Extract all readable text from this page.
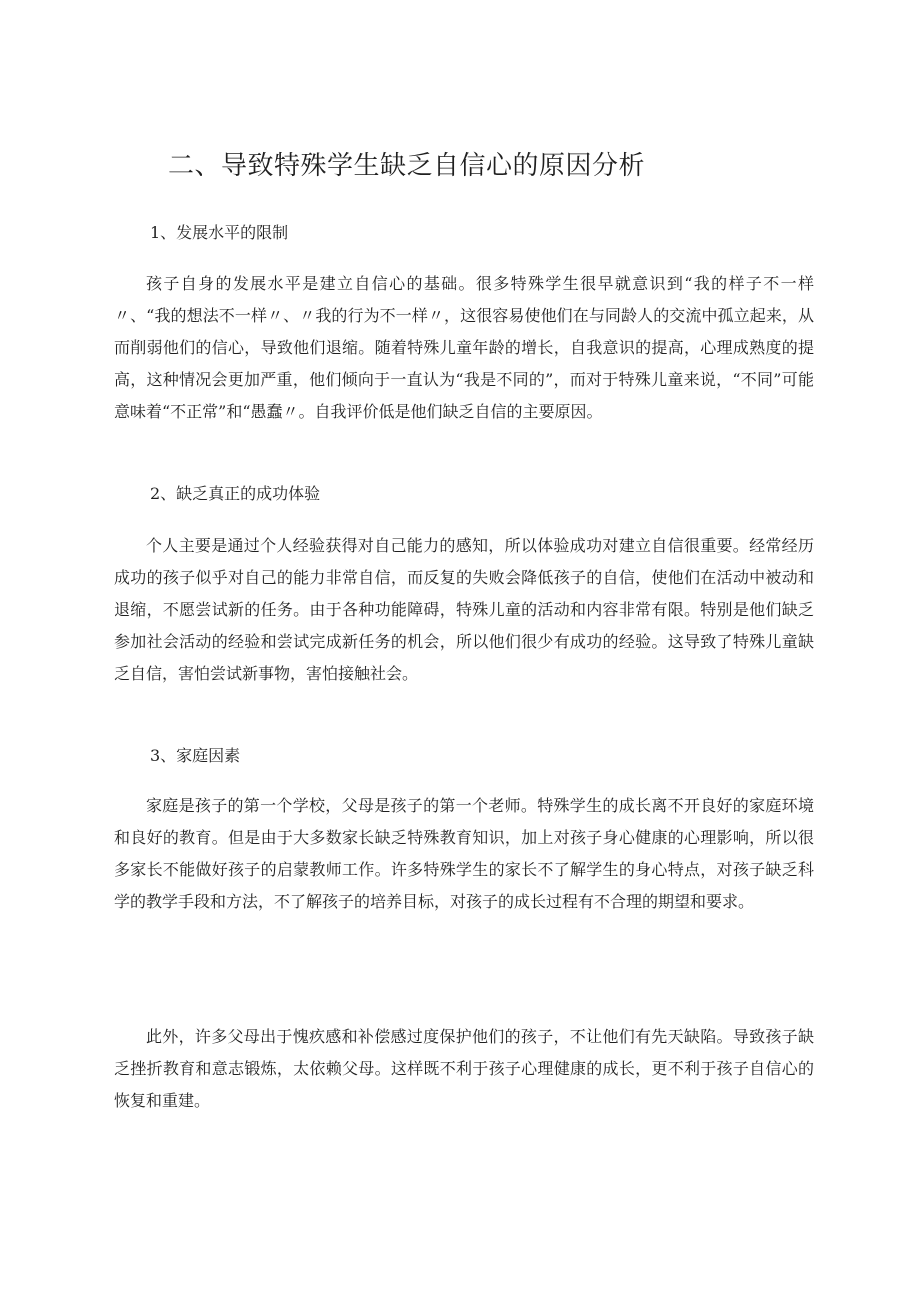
二、导致特殊学生缺乏自信心的原因分析
1、发展水平的限制

孩子自身的发展水平是建立自信心的基础。很多特殊学生很早就意识到“我的样子不一样〃、“我的想法不一样〃、〃我的行为不一样〃，这很容易使他们在与同龄人的交流中孤立起来，从而削弱他们的信心，导致他们退缩。随着特殊儿童年龄的增长，自我意识的提高，心理成熟度的提高，这种情况会更加严重，他们倾向于一直认为“我是不同的”，而对于特殊儿童来说，“不同”可能意味着“不正常”和“愚蠢〃。自我评价低是他们缺乏自信的主要原因。

2、缺乏真正的成功体验

个人主要是通过个人经验获得对自己能力的感知，所以体验成功对建立自信很重要。经常经历成功的孩子似乎对自己的能力非常自信，而反复的失败会降低孩子的自信，使他们在活动中被动和退缩，不愿尝试新的任务。由于各种功能障碍，特殊儿童的活动和内容非常有限。特别是他们缺乏参加社会活动的经验和尝试完成新任务的机会，所以他们很少有成功的经验。这导致了特殊儿童缺乏自信，害怕尝试新事物，害怕接触社会。

3、家庭因素

家庭是孩子的第一个学校，父母是孩子的第一个老师。特殊学生的成长离不开良好的家庭环境和良好的教育。但是由于大多数家长缺乏特殊教育知识，加上对孩子身心健康的心理影响，所以很多家长不能做好孩子的启蒙教师工作。许多特殊学生的家长不了解学生的身心特点，对孩子缺乏科学的教学手段和方法，不了解孩子的培养目标，对孩子的成长过程有不合理的期望和要求。

此外，许多父母出于愧疚感和补偿感过度保护他们的孩子，不让他们有先天缺陷。导致孩子缺乏挫折教育和意志锻炼，太依赖父母。这样既不利于孩子心理健康的成长，更不利于孩子自信心的恢复和重建。
